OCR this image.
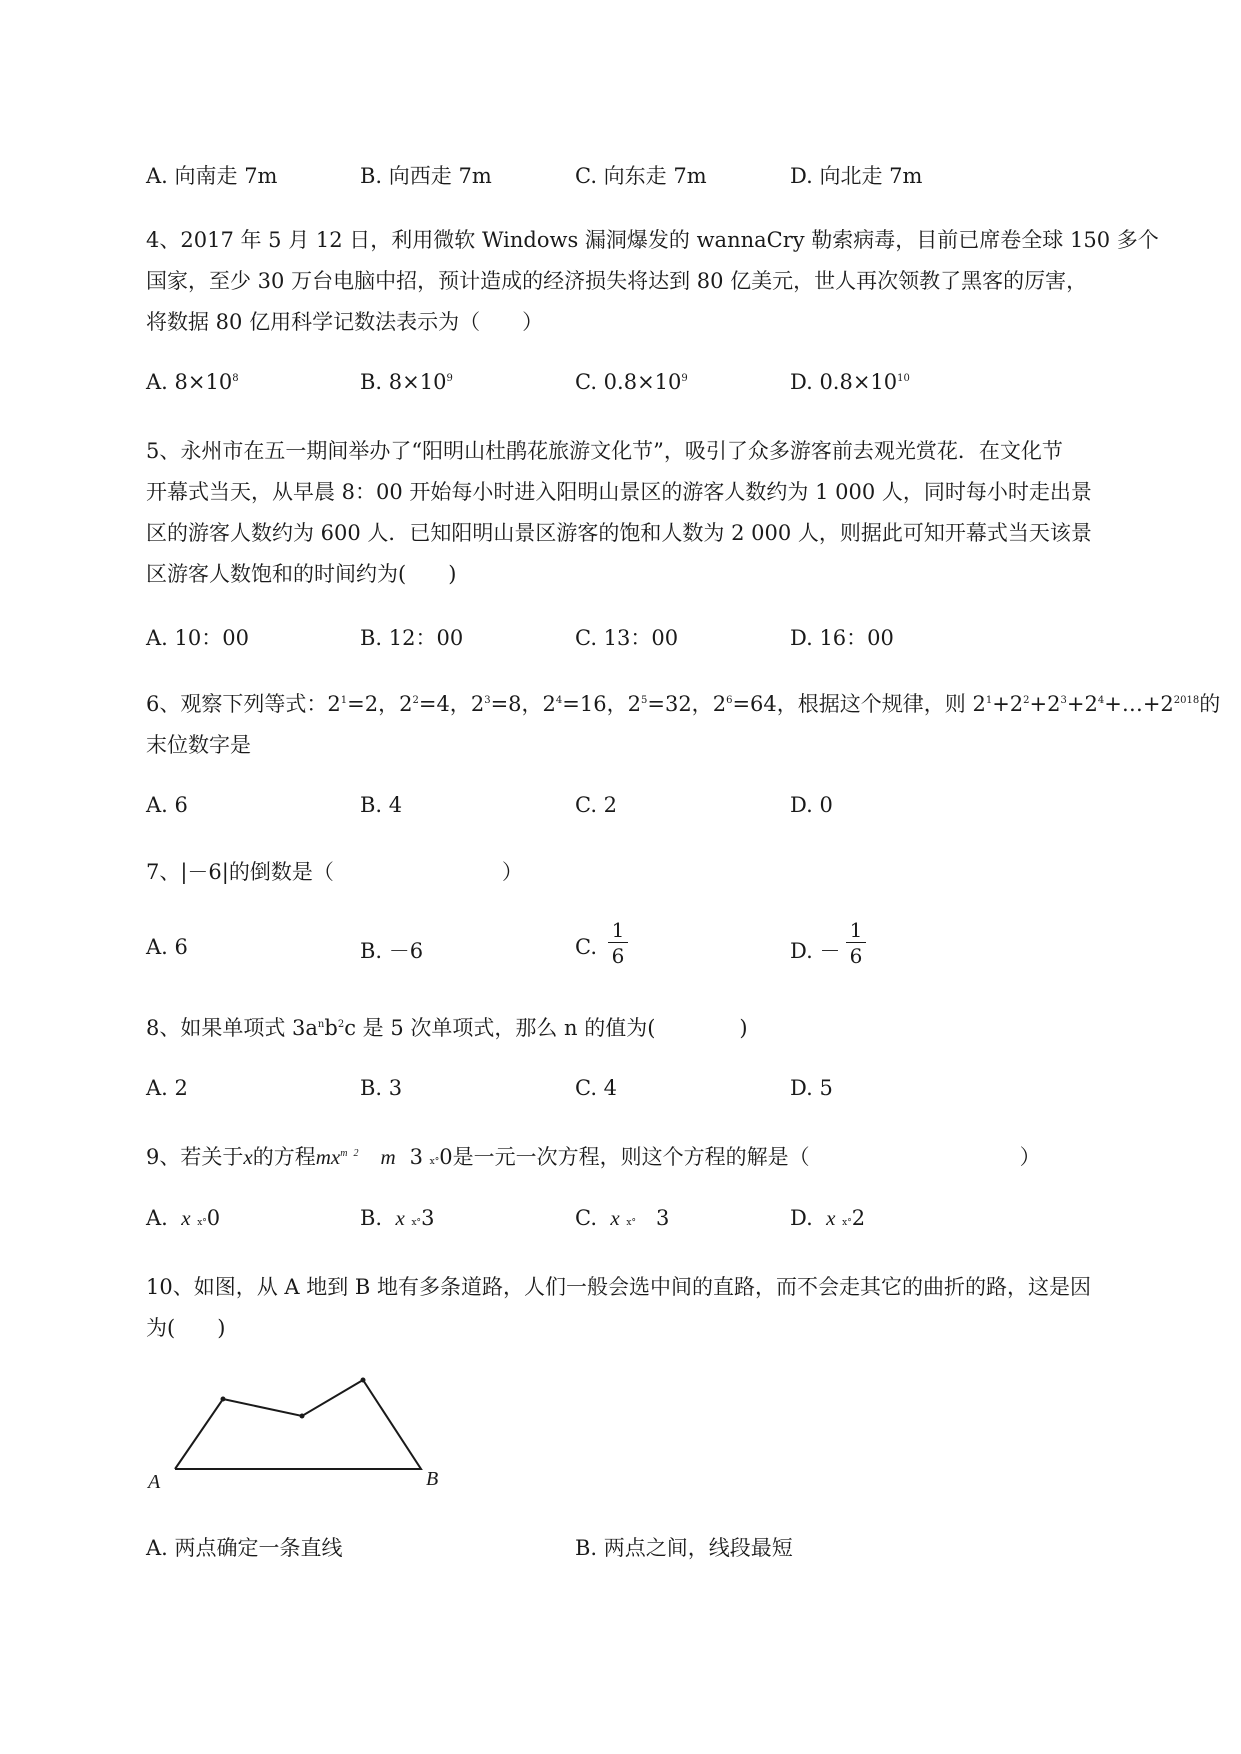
A. 向南走 7m	B. 向西走 7m	C. 向东走 7m	D. 向北走 7m
4、2017 年 5 月 12 日，利用微软 Windows 漏洞爆发的 wannaCry 勒索病毒，目前已席卷全球 150 多个
国家，至少 30 万台电脑中招，预计造成的经济损失将达到 80 亿美元，世人再次领教了黑客的厉害，
将数据 80 亿用科学记数法表示为（　　）
A. $8\times 10^8$	B. $8\times 10^9$	C. $0.8\times 10^9$	D. $0.8\times 10^{10}$
5、永州市在五一期间举办了“阳明山杜鹃花旅游文化节”，吸引了众多游客前去观光赏花．在文化节
开幕式当天，从早晨 8：00 开始每小时进入阳明山景区的游客人数约为 1 000 人，同时每小时走出景
区的游客人数约为 600 人．已知阳明山景区游客的饱和人数为 2 000 人，则据此可知开幕式当天该景
区游客人数饱和的时间约为(　　)
A. 10：00	B. 12：00	C. 13：00	D. 16：00
6、观察下列等式：$2^1=2$，$2^2=4$，$2^3=8$，$2^4=16$，$2^5=32$，$2^6=64$，根据这个规律，则 $2^1+2^2+2^3+2^4+\dots+2^{2018}$的
末位数字是
A. 6	B. 4	C. 2	D. 0
7、|－6|的倒数是（　　　　　　　　）
A. 6	B. －6	C. $\frac{1}{6}$	D. － $\frac{1}{6}$
8、如果单项式 $3a^nb^2c$ 是 5 次单项式，那么 n 的值为(　　　　)
A. 2	B. 3	C. 4	D. 5
9、若关于x的方程$mx^m$ $^2$ m 3 x°0是一元一次方程，则这个方程的解是（　　　　　　　　　　）
A. x x°0	B. x x°3	C. x x° 3	D. x x°2
10、如图，从 A 地到 B 地有多条道路，人们一般会选中间的直路，而不会走其它的曲折的路，这是因
为(　　)
A	B
A. 两点确定一条直线	B. 两点之间，线段最短
